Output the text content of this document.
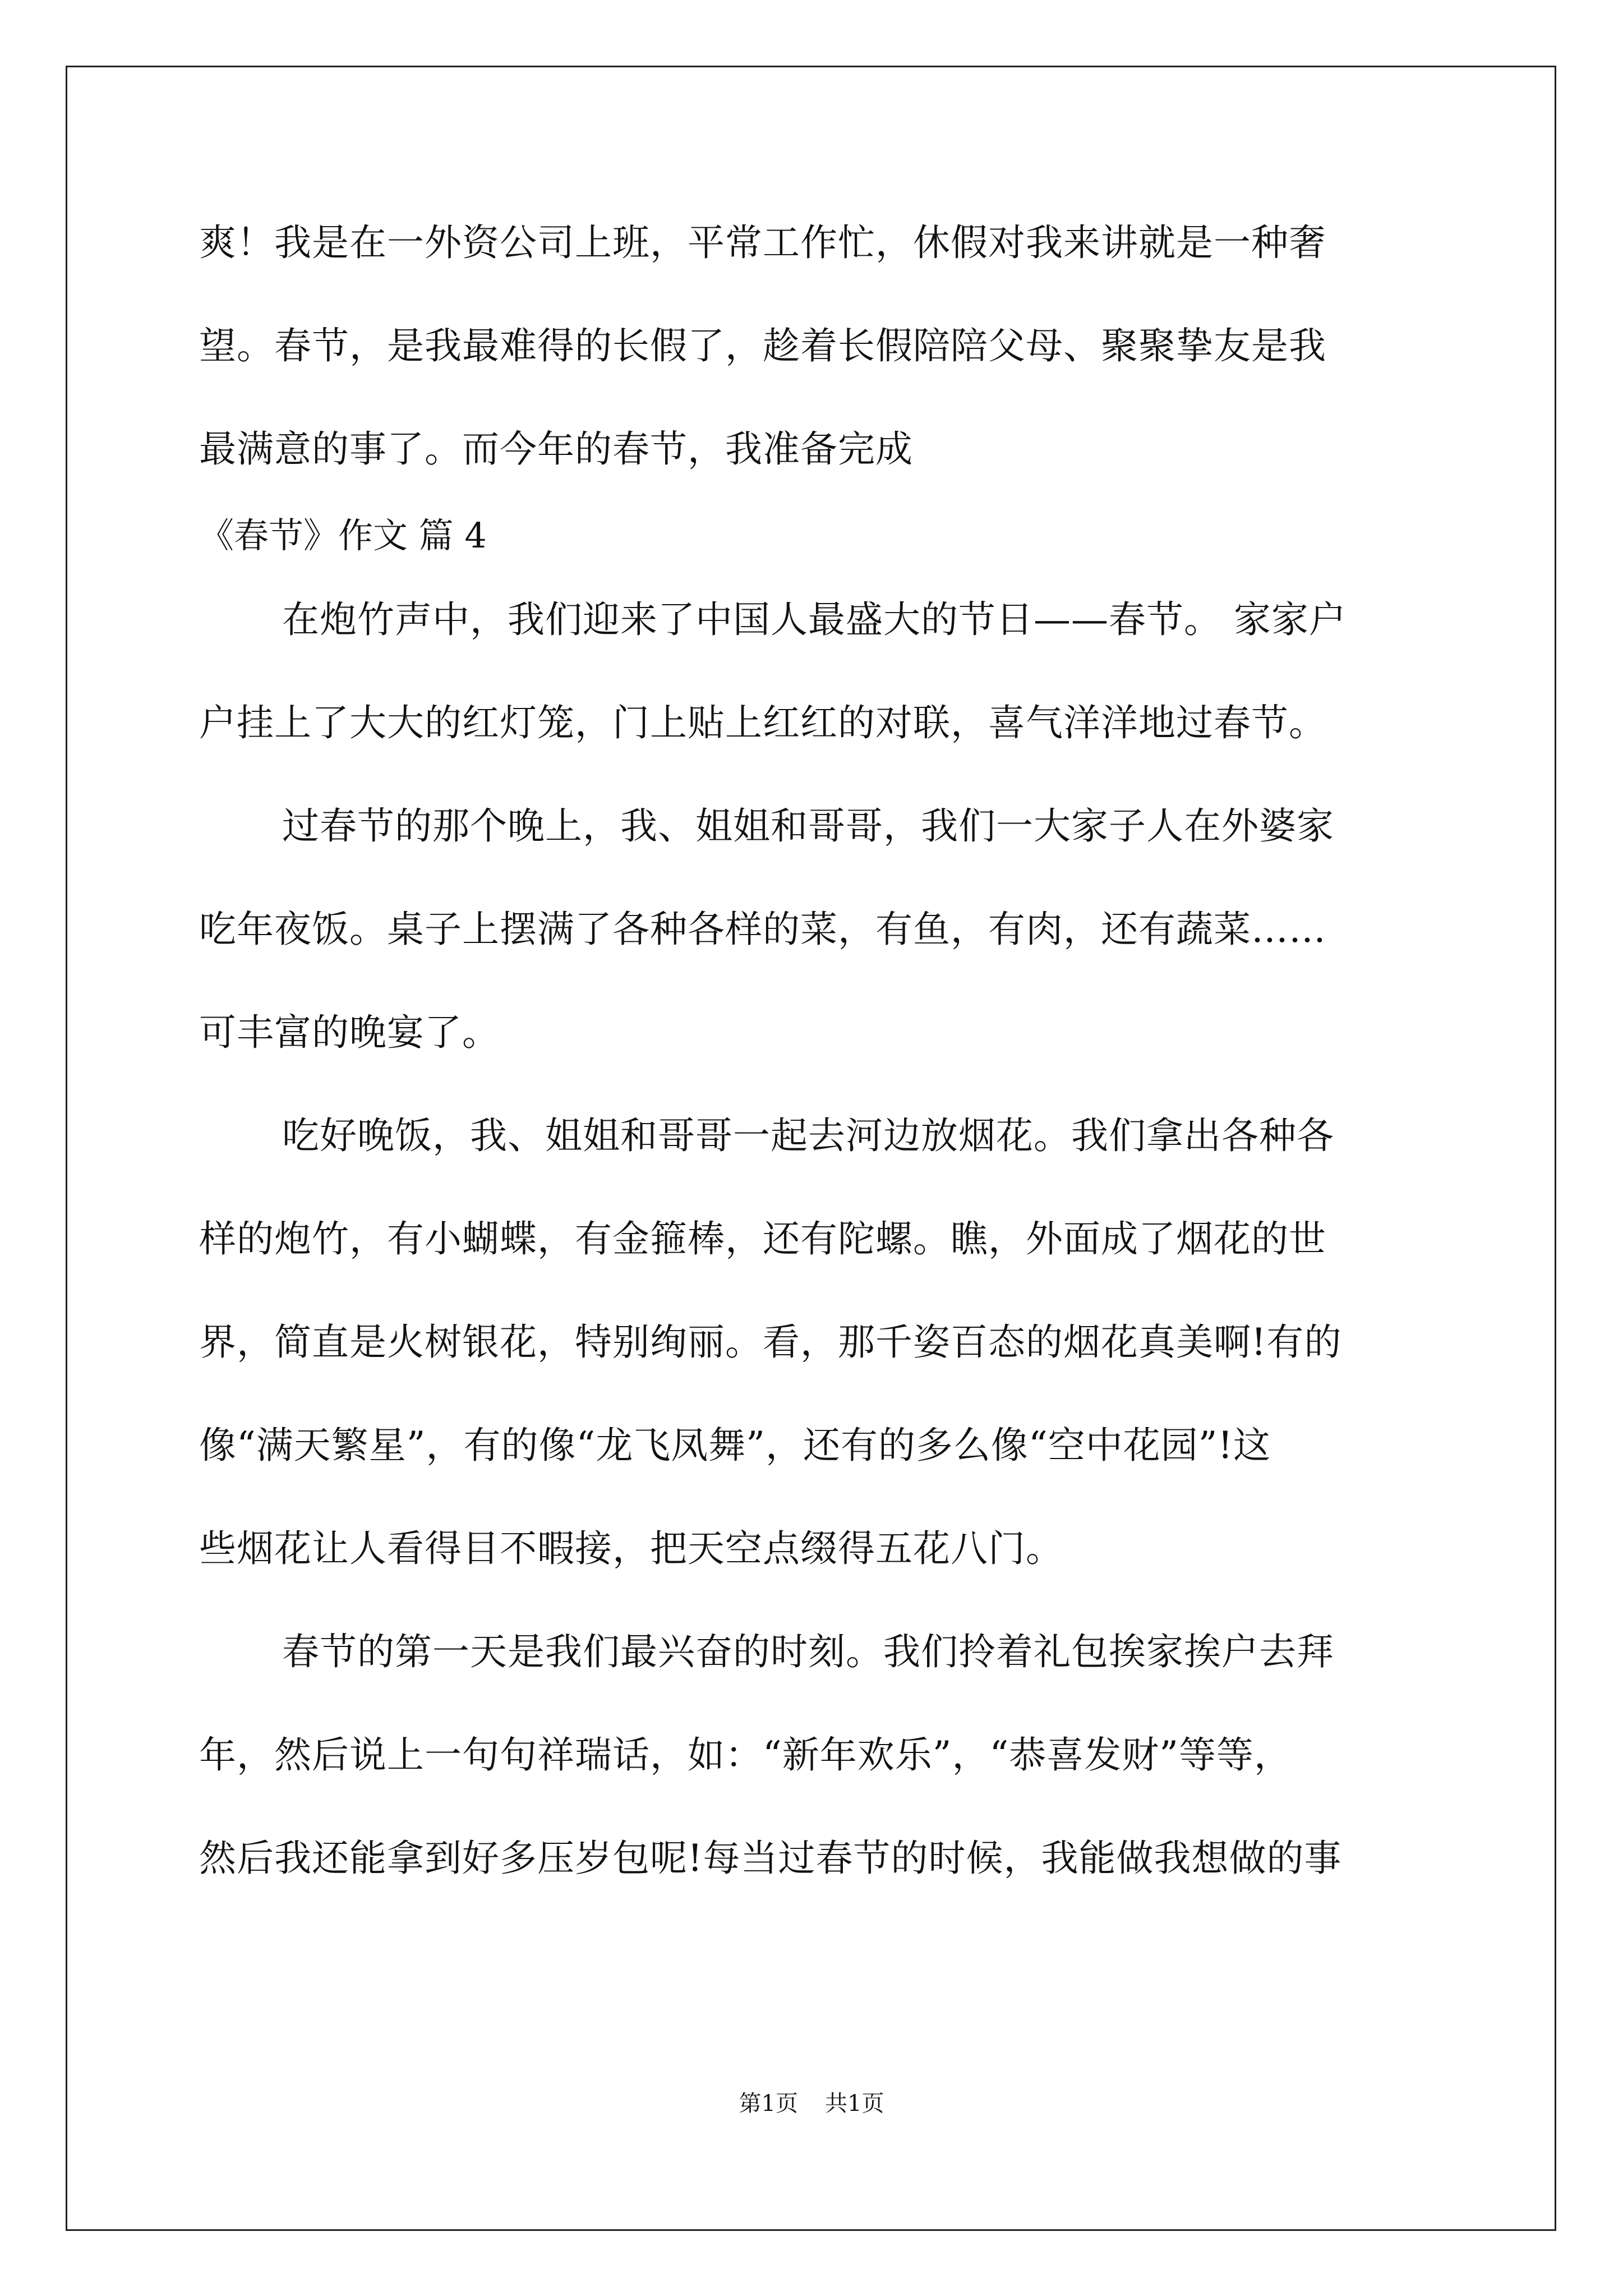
爽！我是在一外资公司上班，平常工作忙，休假对我来讲就是一种奢

望。春节，是我最难得的长假了，趁着长假陪陪父母、聚聚挚友是我

最满意的事了。而今年的春节，我准备完成

《春节》作文 篇 4

在炮竹声中，我们迎来了中国人最盛大的节日——春节。 家家户

户挂上了大大的红灯笼，门上贴上红红的对联，喜气洋洋地过春节。

过春节的那个晚上，我、姐姐和哥哥，我们一大家子人在外婆家

吃年夜饭。桌子上摆满了各种各样的菜，有鱼，有肉，还有蔬菜……

可丰富的晚宴了。

吃好晚饭，我、姐姐和哥哥一起去河边放烟花。我们拿出各种各

样的炮竹，有小蝴蝶，有金箍棒，还有陀螺。瞧，外面成了烟花的世

界，简直是火树银花，特别绚丽。看，那千姿百态的烟花真美啊!有的

像“满天繁星”，有的像“龙飞凤舞”，还有的多么像“空中花园”!这

些烟花让人看得目不暇接，把天空点缀得五花八门。

春节的第一天是我们最兴奋的时刻。我们拎着礼包挨家挨户去拜

年，然后说上一句句祥瑞话，如：“新年欢乐”，“恭喜发财”等等，

然后我还能拿到好多压岁包呢!每当过春节的时候，我能做我想做的事

第1页 共1页
